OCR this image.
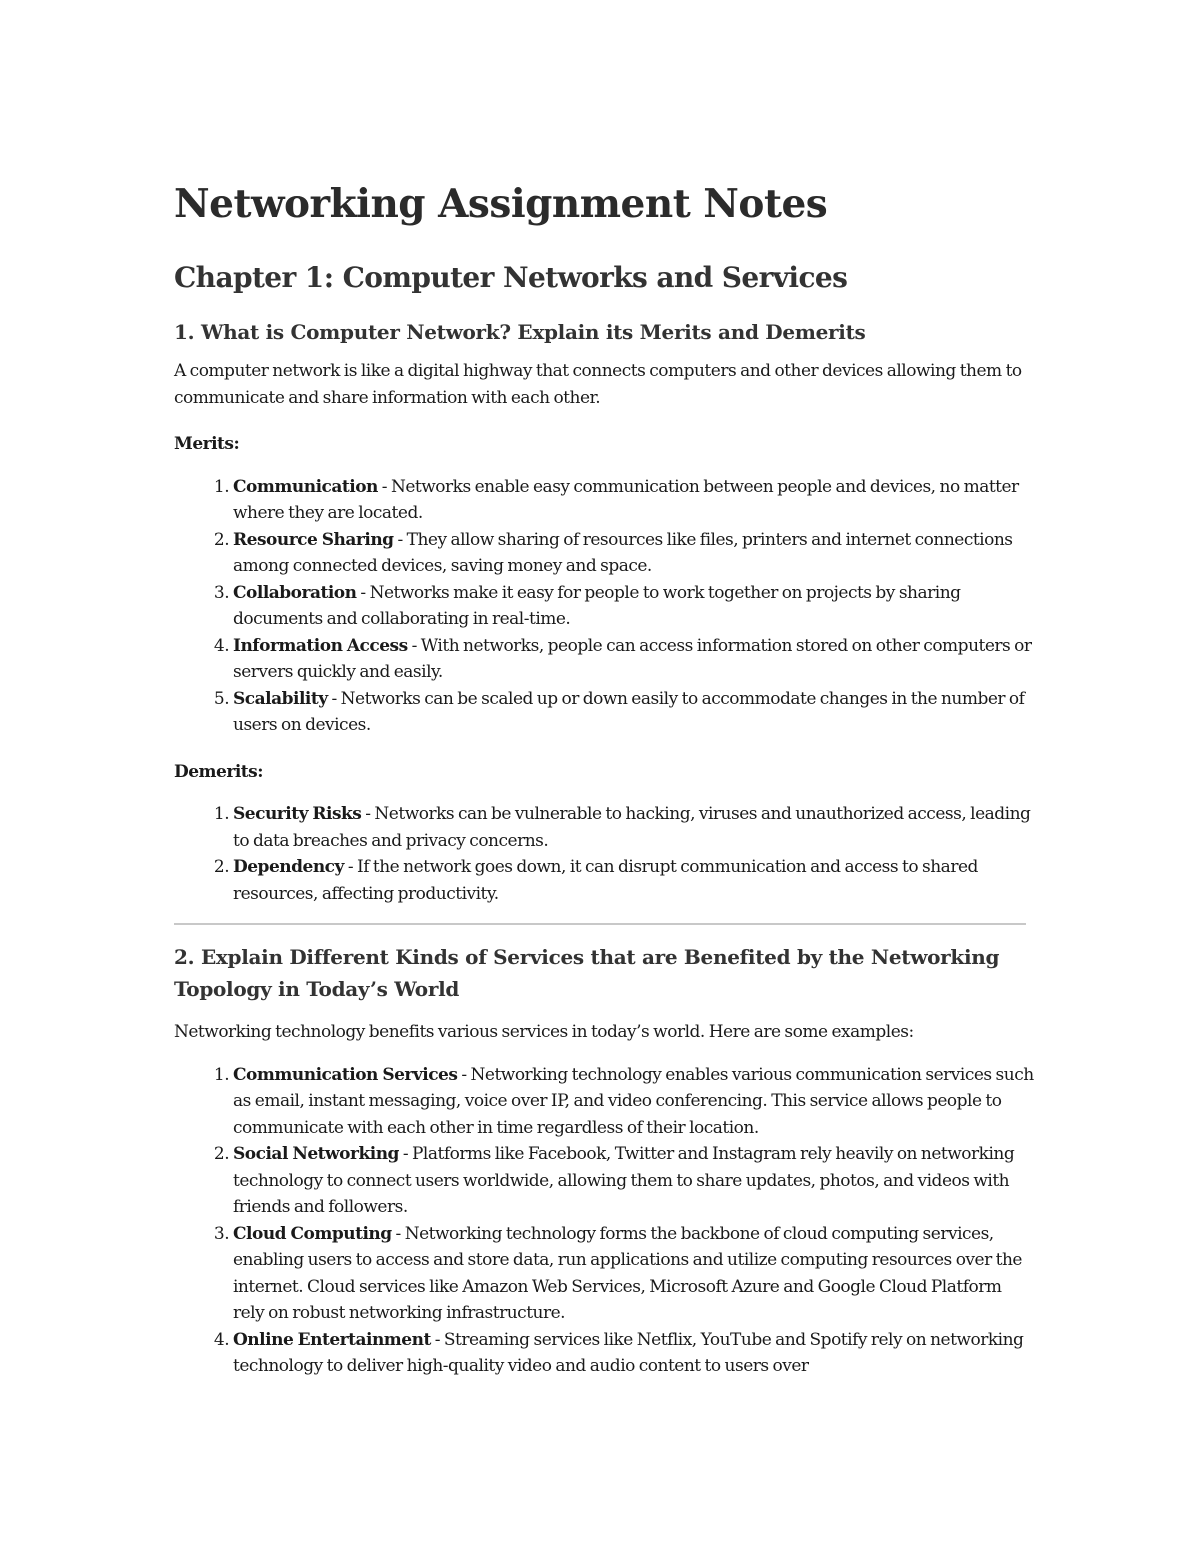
Networking Assignment Notes
Chapter 1: Computer Networks and Services
1. What is Computer Network? Explain its Merits and Demerits

A computer network is like a digital highway that connects computers and other devices allowing them to communicate and share information with each other.

Merits:

1. Communication - Networks enable easy communication between people and devices, no matter where they are located.
2. Resource Sharing - They allow sharing of resources like files, printers and internet connections among connected devices, saving money and space.
3. Collaboration - Networks make it easy for people to work together on projects by sharing documents and collaborating in real-time.
4. Information Access - With networks, people can access information stored on other computers or servers quickly and easily.
5. Scalability - Networks can be scaled up or down easily to accommodate changes in the number of users on devices.

Demerits:

1. Security Risks - Networks can be vulnerable to hacking, viruses and unauthorized access, leading to data breaches and privacy concerns.
2. Dependency - If the network goes down, it can disrupt communication and access to shared resources, affecting productivity.
2. Explain Different Kinds of Services that are Benefited by the Networking Topology in Today’s World

Networking technology benefits various services in today’s world. Here are some examples:

1. Communication Services - Networking technology enables various communication services such as email, instant messaging, voice over IP, and video conferencing. This service allows people to communicate with each other in time regardless of their location.
2. Social Networking - Platforms like Facebook, Twitter and Instagram rely heavily on networking technology to connect users worldwide, allowing them to share updates, photos, and videos with friends and followers.
3. Cloud Computing - Networking technology forms the backbone of cloud computing services, enabling users to access and store data, run applications and utilize computing resources over the internet. Cloud services like Amazon Web Services, Microsoft Azure and Google Cloud Platform rely on robust networking infrastructure.
4. Online Entertainment - Streaming services like Netflix, YouTube and Spotify rely on networking technology to deliver high-quality video and audio content to users over
